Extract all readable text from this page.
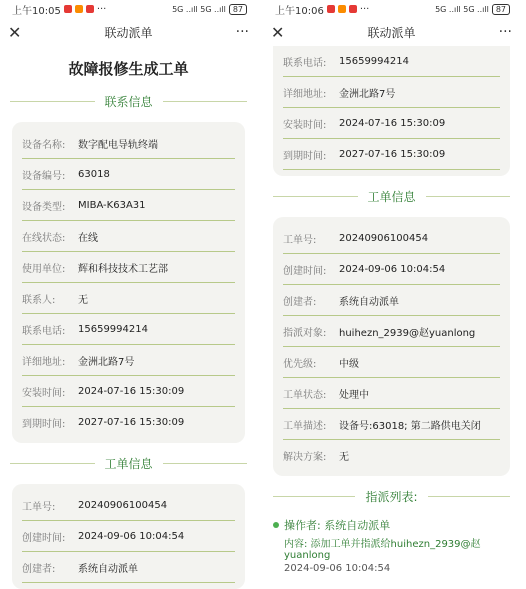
上午10:05	···	5G ..ıll 5G ..ıll 87
✕	联动派单	···
故障报修生成工单
联系信息
设备名称:	数字配电导轨终端
设备编号:	63018
设备类型:	MIBA-K63A31
在线状态:	在线
使用单位:	辉和科技技术工艺部
联系人:	无
联系电话:	15659994214
详细地址:	金洲北路7号
安装时间:	2024-07-16 15:30:09
到期时间:	2027-07-16 15:30:09
工单信息
工单号:	20240906100454
创建时间:	2024-09-06 10:04:54
创建者:	系统自动派单
上午10:06	···	5G ..ıll 5G ..ıll 87
✕	联动派单	···
联系电话:	15659994214
详细地址:	金洲北路7号
安装时间:	2024-07-16 15:30:09
到期时间:	2027-07-16 15:30:09
工单信息
工单号:	20240906100454
创建时间:	2024-09-06 10:04:54
创建者:	系统自动派单
指派对象:	huihezn_2939@赵yuanlong
优先级:	中级
工单状态:	处理中
工单描述:	设备号:63018; 第二路供电关闭
解决方案:	无
指派列表:
操作者: 系统自动派单
内容: 添加工单并指派给huihezn_2939@赵yuanlong
2024-09-06 10:04:54
